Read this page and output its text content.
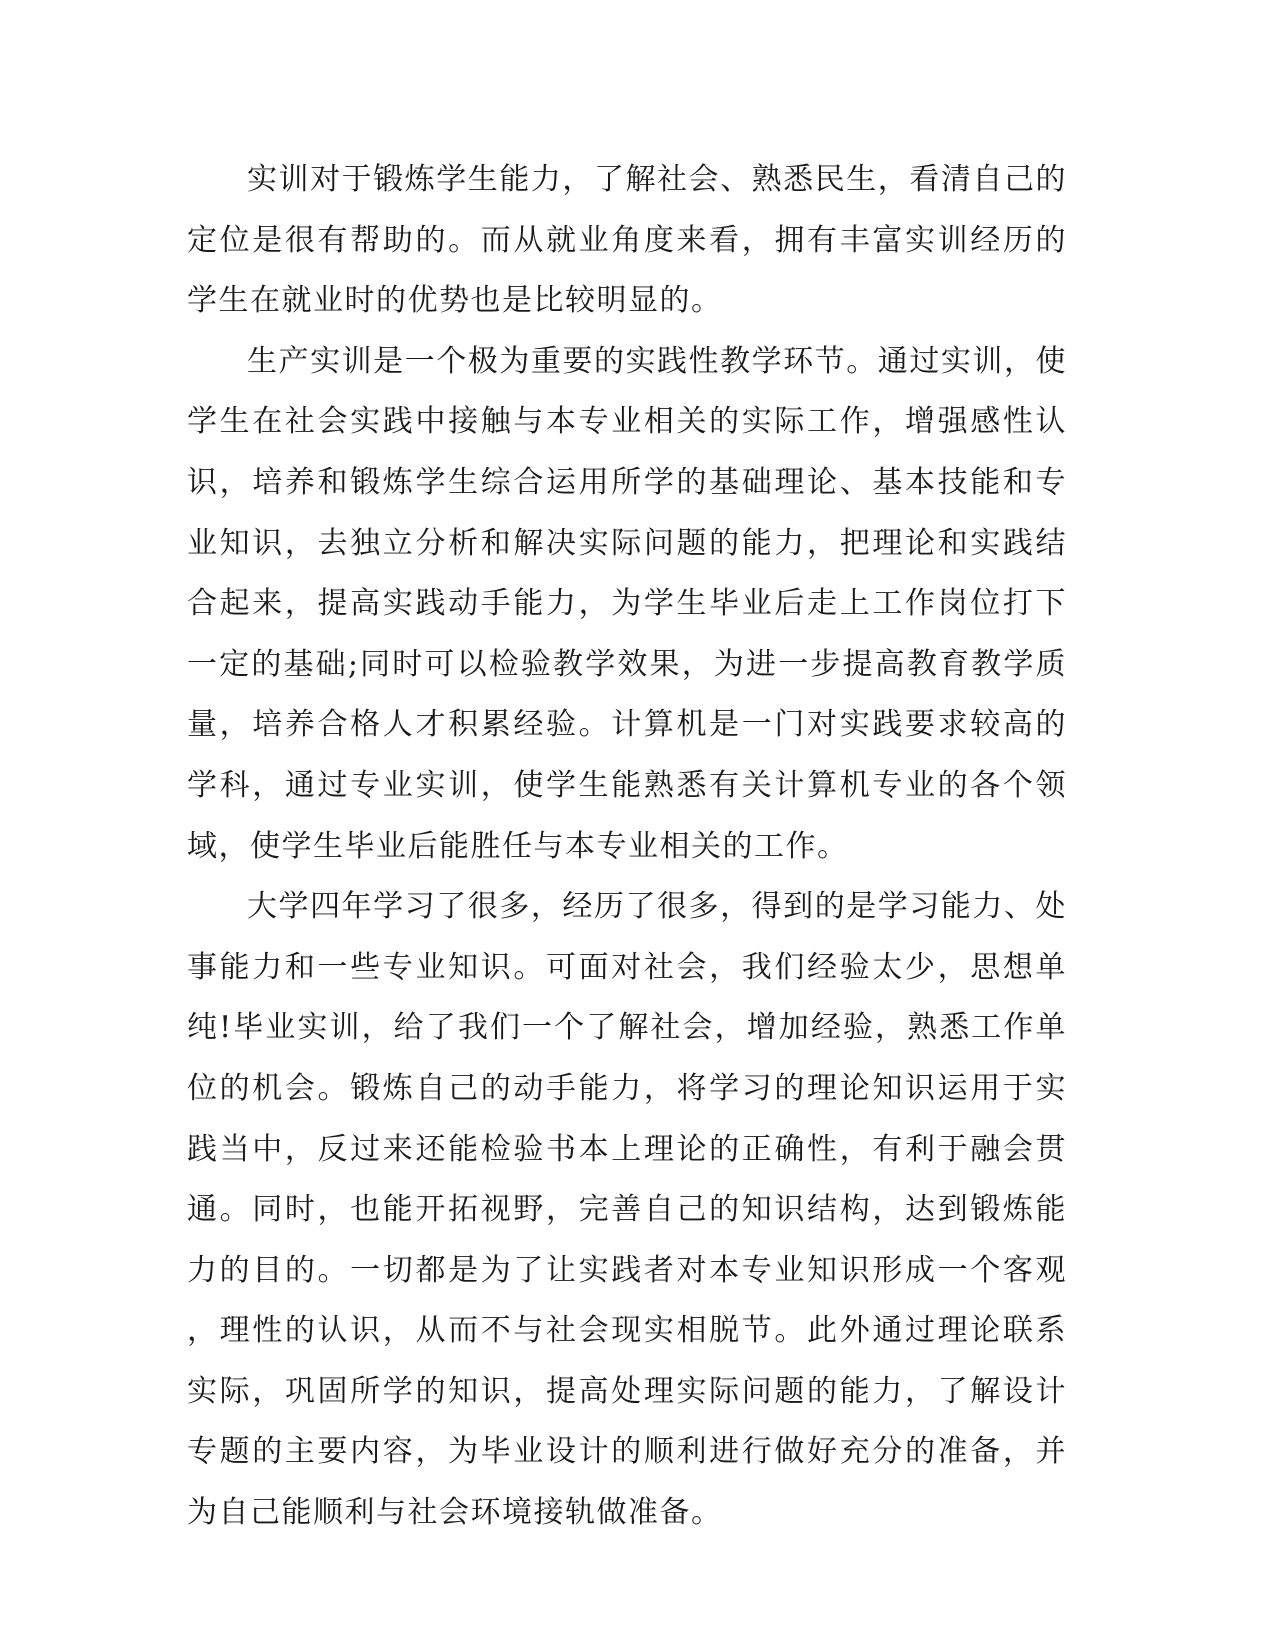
实训对于锻炼学生能力，了解社会、熟悉民生，看清自己的定位是很有帮助的。而从就业角度来看，拥有丰富实训经历的学生在就业时的优势也是比较明显的。

生产实训是一个极为重要的实践性教学环节。通过实训，使学生在社会实践中接触与本专业相关的实际工作，增强感性认识，培养和锻炼学生综合运用所学的基础理论、基本技能和专业知识，去独立分析和解决实际问题的能力，把理论和实践结合起来，提高实践动手能力，为学生毕业后走上工作岗位打下一定的基础;同时可以检验教学效果，为进一步提高教育教学质量，培养合格人才积累经验。计算机是一门对实践要求较高的学科，通过专业实训，使学生能熟悉有关计算机专业的各个领域，使学生毕业后能胜任与本专业相关的工作。

大学四年学习了很多，经历了很多，得到的是学习能力、处事能力和一些专业知识。可面对社会，我们经验太少，思想单纯!毕业实训，给了我们一个了解社会，增加经验，熟悉工作单位的机会。锻炼自己的动手能力，将学习的理论知识运用于实践当中，反过来还能检验书本上理论的正确性，有利于融会贯通。同时，也能开拓视野，完善自己的知识结构，达到锻炼能力的目的。一切都是为了让实践者对本专业知识形成一个客观，理性的认识，从而不与社会现实相脱节。此外通过理论联系实际，巩固所学的知识，提高处理实际问题的能力，了解设计专题的主要内容，为毕业设计的顺利进行做好充分的准备，并为自己能顺利与社会环境接轨做准备。
